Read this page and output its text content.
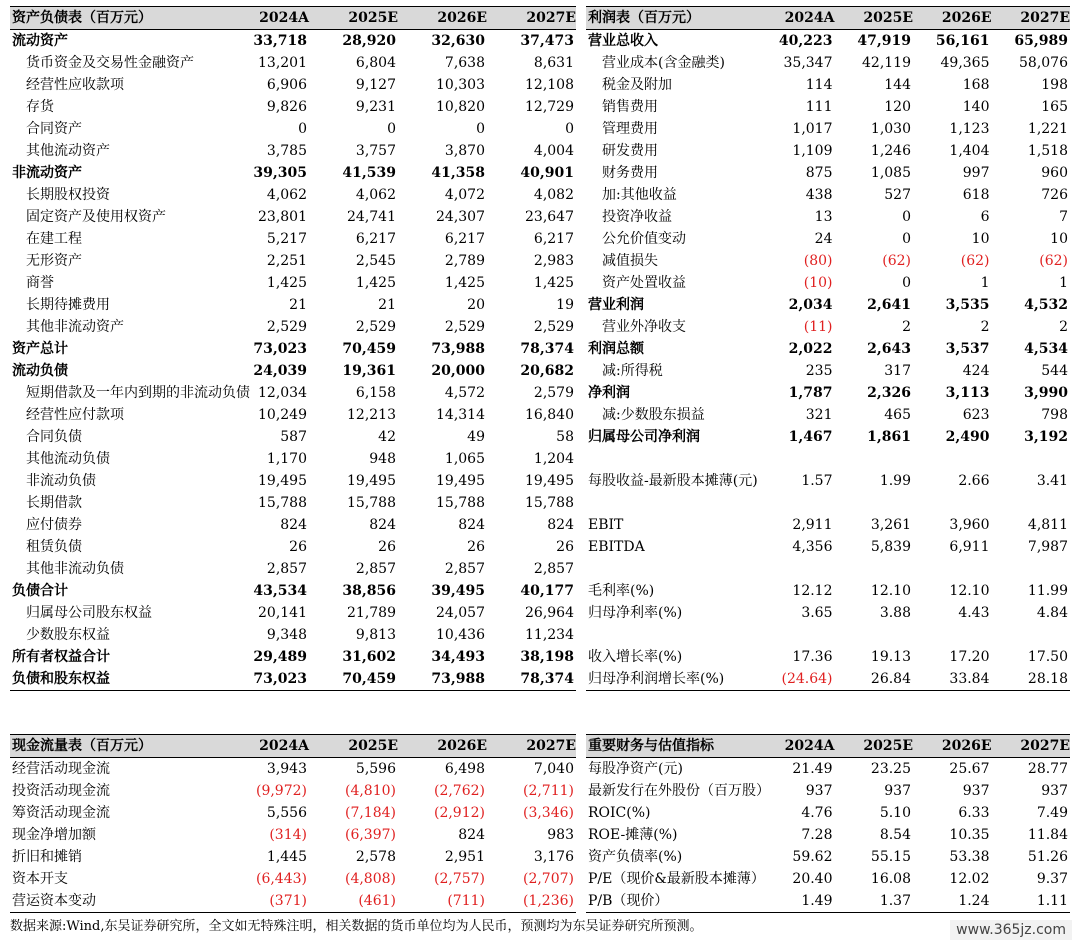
资产负债表（百万元）	2024A	2025E	2026E	2027E
流动资产	33,718	28,920	32,630	37,473
货币资金及交易性金融资产	13,201	6,804	7,638	8,631
经营性应收款项	6,906	9,127	10,303	12,108
存货	9,826	9,231	10,820	12,729
合同资产	0	0	0	0
其他流动资产	3,785	3,757	3,870	4,004
非流动资产	39,305	41,539	41,358	40,901
长期股权投资	4,062	4,062	4,072	4,082
固定资产及使用权资产	23,801	24,741	24,307	23,647
在建工程	5,217	6,217	6,217	6,217
无形资产	2,251	2,545	2,789	2,983
商誉	1,425	1,425	1,425	1,425
长期待摊费用	21	21	20	19
其他非流动资产	2,529	2,529	2,529	2,529
资产总计	73,023	70,459	73,988	78,374
流动负债	24,039	19,361	20,000	20,682
短期借款及一年内到期的非流动负债	12,034	6,158	4,572	2,579
经营性应付款项	10,249	12,213	14,314	16,840
合同负债	587	42	49	58
其他流动负债	1,170	948	1,065	1,204
非流动负债	19,495	19,495	19,495	19,495
长期借款	15,788	15,788	15,788	15,788
应付债券	824	824	824	824
租赁负债	26	26	26	26
其他非流动负债	2,857	2,857	2,857	2,857
负债合计	43,534	38,856	39,495	40,177
归属母公司股东权益	20,141	21,789	24,057	26,964
少数股东权益	9,348	9,813	10,436	11,234
所有者权益合计	29,489	31,602	34,493	38,198
负债和股东权益	73,023	70,459	73,988	78,374
利润表（百万元）	2024A	2025E	2026E	2027E
营业总收入	40,223	47,919	56,161	65,989
营业成本(含金融类)	35,347	42,119	49,365	58,076
税金及附加	114	144	168	198
销售费用	111	120	140	165
管理费用	1,017	1,030	1,123	1,221
研发费用	1,109	1,246	1,404	1,518
财务费用	875	1,085	997	960
加:其他收益	438	527	618	726
投资净收益	13	0	6	7
公允价值变动	24	0	10	10
减值损失	(80)	(62)	(62)	(62)
资产处置收益	(10)	0	1	1
营业利润	2,034	2,641	3,535	4,532
营业外净收支	(11)	2	2	2
利润总额	2,022	2,643	3,537	4,534
减:所得税	235	317	424	544
净利润	1,787	2,326	3,113	3,990
减:少数股东损益	321	465	623	798
归属母公司净利润	1,467	1,861	2,490	3,192

每股收益-最新股本摊薄(元)	1.57	1.99	2.66	3.41

EBIT	2,911	3,261	3,960	4,811
EBITDA	4,356	5,839	6,911	7,987

毛利率(%)	12.12	12.10	12.10	11.99
归母净利率(%)	3.65	3.88	4.43	4.84

收入增长率(%)	17.36	19.13	17.20	17.50
归母净利润增长率(%)	(24.64)	26.84	33.84	28.18
现金流量表（百万元）	2024A	2025E	2026E	2027E
经营活动现金流	3,943	5,596	6,498	7,040
投资活动现金流	(9,972)	(4,810)	(2,762)	(2,711)
筹资活动现金流	5,556	(7,184)	(2,912)	(3,346)
现金净增加额	(314)	(6,397)	824	983
折旧和摊销	1,445	2,578	2,951	3,176
资本开支	(6,443)	(4,808)	(2,757)	(2,707)
营运资本变动	(371)	(461)	(711)	(1,236)
重要财务与估值指标	2024A	2025E	2026E	2027E
每股净资产(元)	21.49	23.25	25.67	28.77
最新发行在外股份（百万股）	937	937	937	937
ROIC(%)	4.76	5.10	6.33	7.49
ROE-摊薄(%)	7.28	8.54	10.35	11.84
资产负债率(%)	59.62	55.15	53.38	51.26
P/E（现价&最新股本摊薄）	20.40	16.08	12.02	9.37
P/B（现价）	1.49	1.37	1.24	1.11
数据来源:Wind,东吴证券研究所，全文如无特殊注明，相关数据的货币单位均为人民币，预测均为东吴证券研究所预测。	www.365jz.com
